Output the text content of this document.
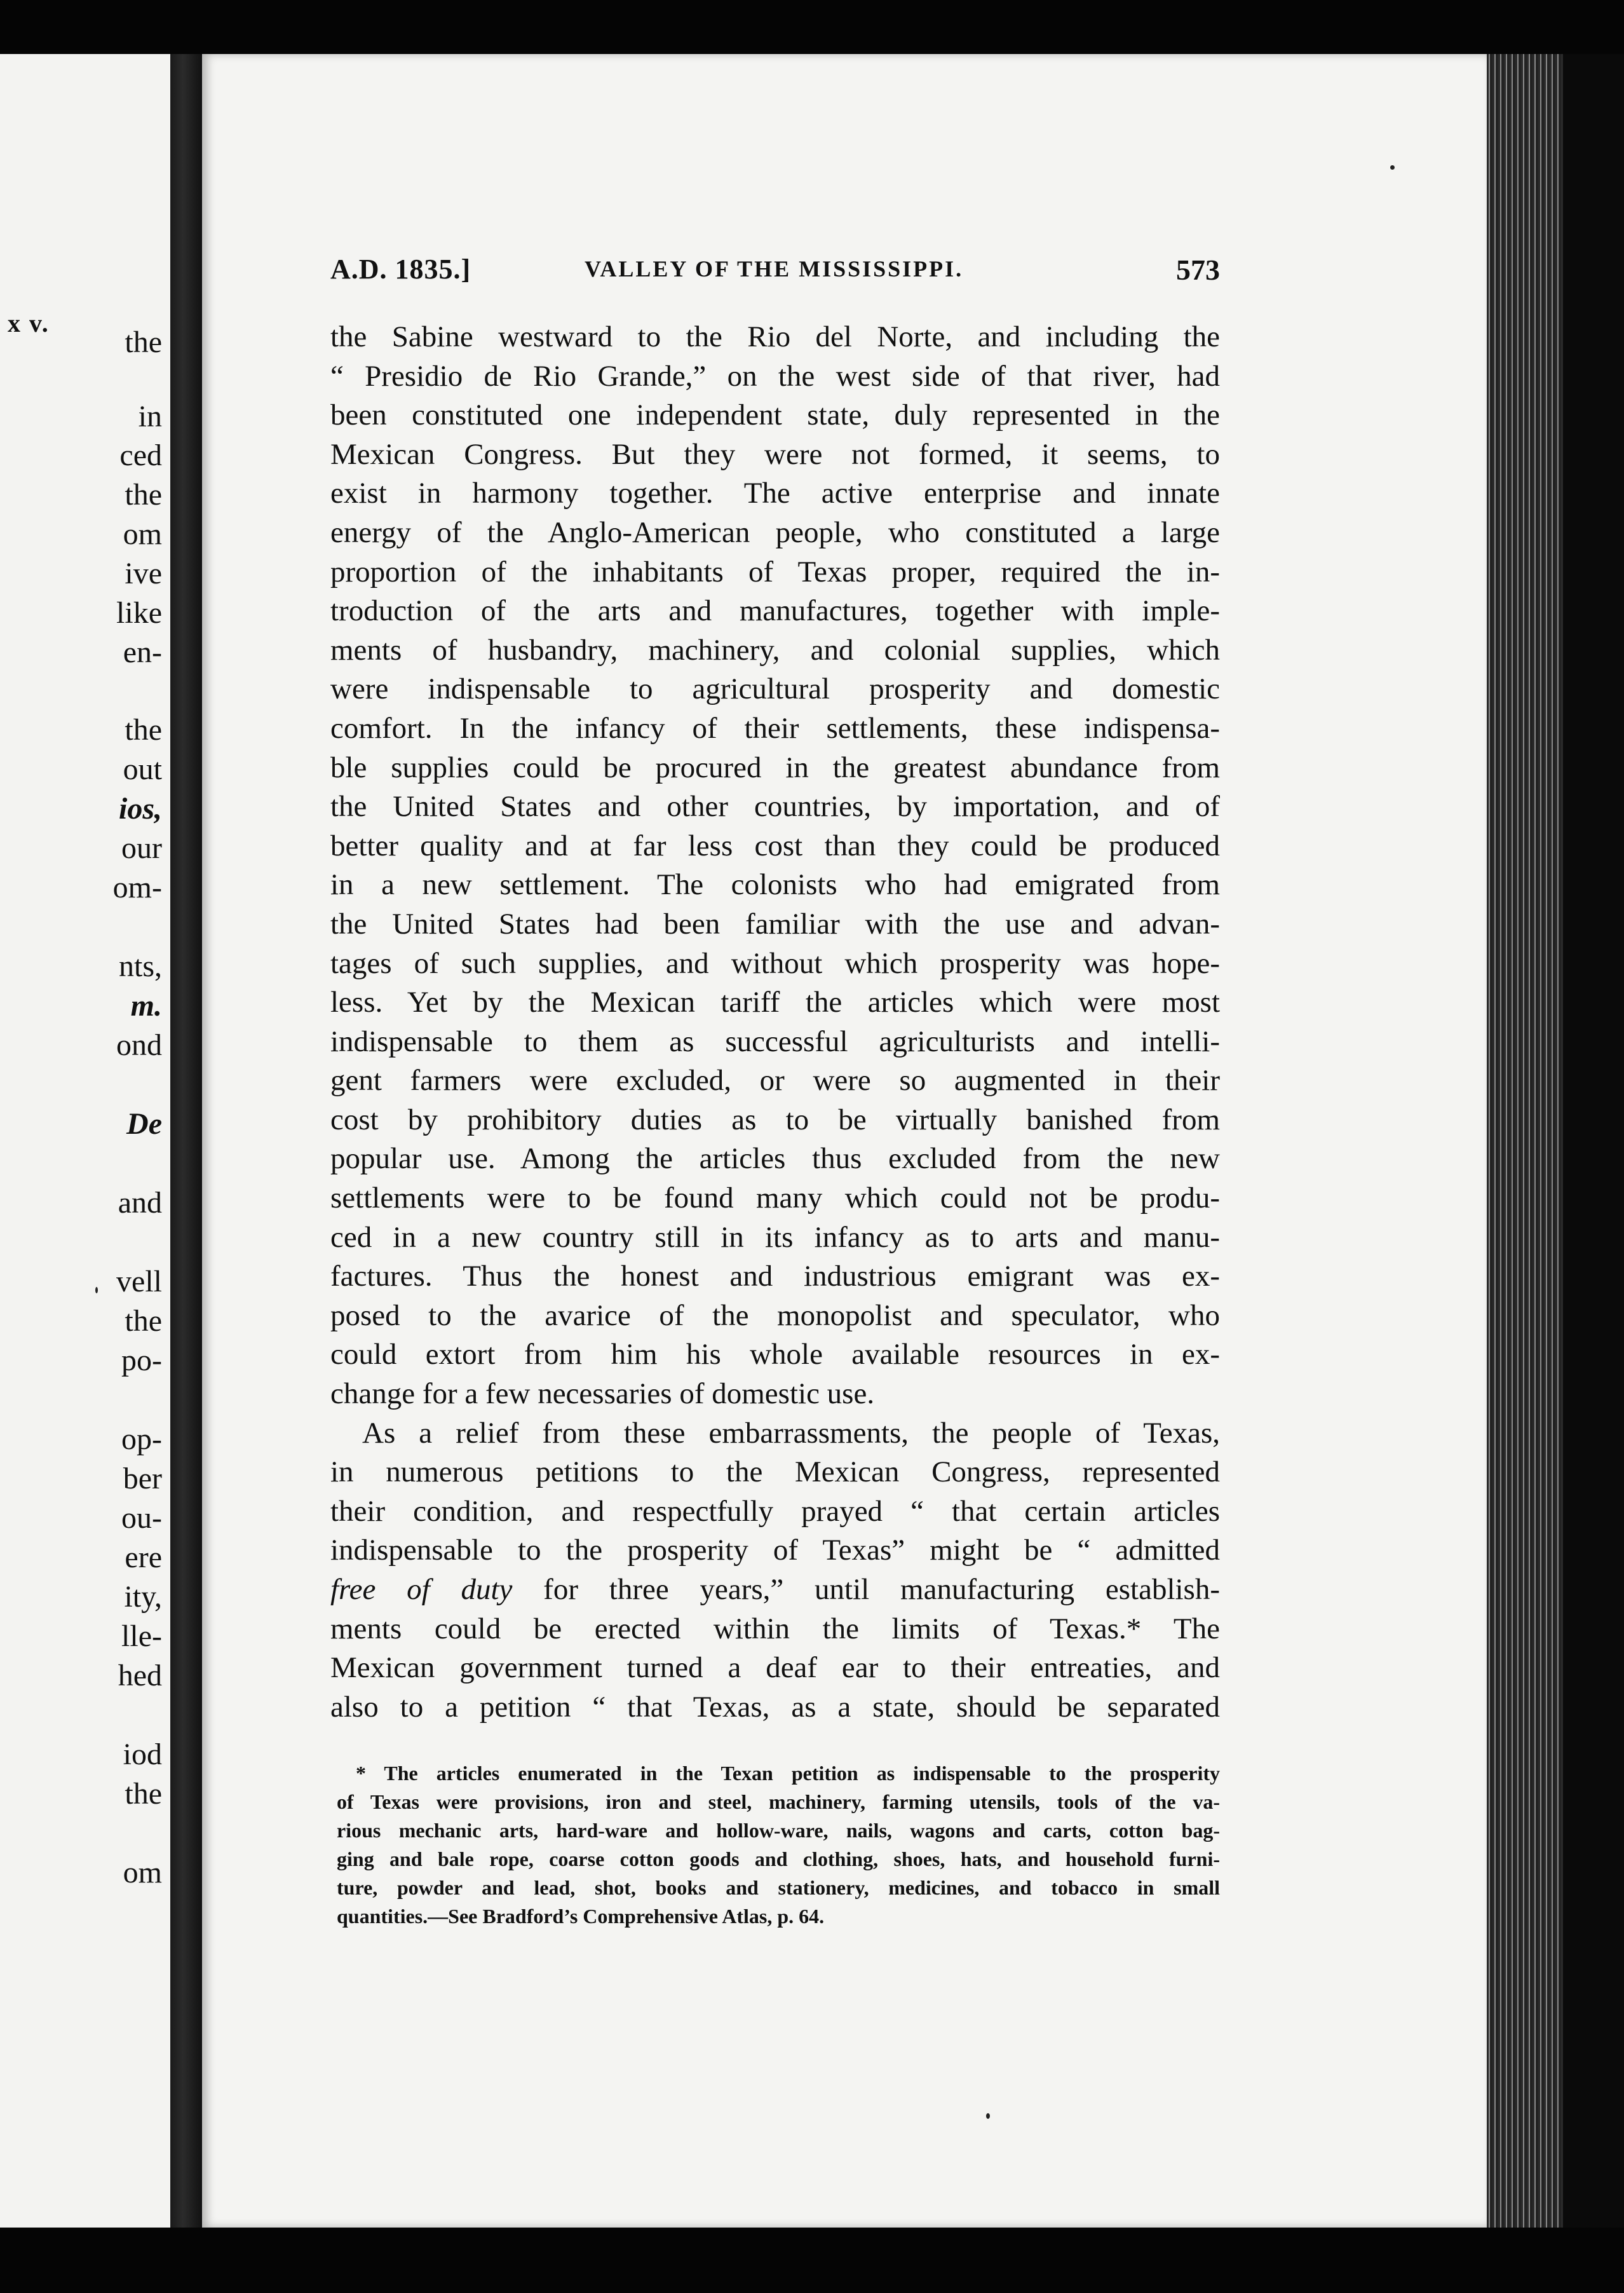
x v.
the
in
ced
the
om
ive
like
en-
the
out
ios,
our
om-
nts,
m.
ond
De
and
vell
the
po-
op-
ber
ou-
ere
ity,
lle-
hed
iod
the
om
A.D. 1835.]	VALLEY OF THE MISSISSIPPI.	573
the Sabine westward to the Rio del Norte, and including the
“ Presidio de Rio Grande,” on the west side of that river, had
been constituted one independent state, duly represented in the
Mexican Congress. But they were not formed, it seems, to
exist in harmony together. The active enterprise and innate
energy of the Anglo-American people, who constituted a large
proportion of the inhabitants of Texas proper, required the in-
troduction of the arts and manufactures, together with imple-
ments of husbandry, machinery, and colonial supplies, which
were indispensable to agricultural prosperity and domestic
comfort. In the infancy of their settlements, these indispensa-
ble supplies could be procured in the greatest abundance from
the United States and other countries, by importation, and of
better quality and at far less cost than they could be produced
in a new settlement. The colonists who had emigrated from
the United States had been familiar with the use and advan-
tages of such supplies, and without which prosperity was hope-
less. Yet by the Mexican tariff the articles which were most
indispensable to them as successful agriculturists and intelli-
gent farmers were excluded, or were so augmented in their
cost by prohibitory duties as to be virtually banished from
popular use. Among the articles thus excluded from the new
settlements were to be found many which could not be produ-
ced in a new country still in its infancy as to arts and manu-
factures. Thus the honest and industrious emigrant was ex-
posed to the avarice of the monopolist and speculator, who
could extort from him his whole available resources in ex-
change for a few necessaries of domestic use.
As a relief from these embarrassments, the people of Texas,
in numerous petitions to the Mexican Congress, represented
their condition, and respectfully prayed “ that certain articles
indispensable to the prosperity of Texas” might be “ admitted
free of duty for three years,” until manufacturing establish-
ments could be erected within the limits of Texas.* The
Mexican government turned a deaf ear to their entreaties, and
also to a petition “ that Texas, as a state, should be separated
* The articles enumerated in the Texan petition as indispensable to the prosperity
of Texas were provisions, iron and steel, machinery, farming utensils, tools of the va-
rious mechanic arts, hard-ware and hollow-ware, nails, wagons and carts, cotton bag-
ging and bale rope, coarse cotton goods and clothing, shoes, hats, and household furni-
ture, powder and lead, shot, books and stationery, medicines, and tobacco in small
quantities.—See Bradford’s Comprehensive Atlas, p. 64.
